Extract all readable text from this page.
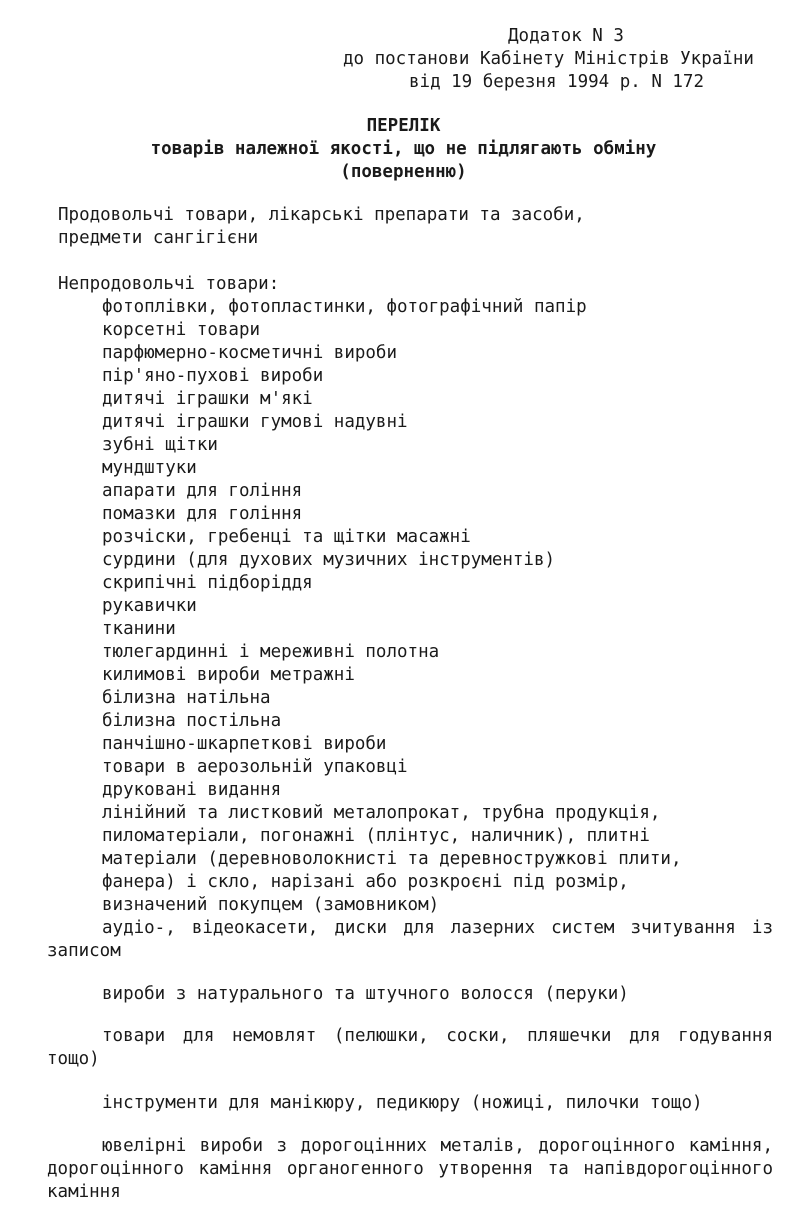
Додаток N 3
до постанови Кабінету Міністрів України
від 19 березня 1994 р. N 172
ПЕРЕЛІК
товарів належної якості, що не підлягають обміну
(поверненню)
Продовольчі товари, лікарські препарати та засоби,
предмети сангігієни
Непродовольчі товари:
фотоплівки, фотопластинки, фотографічний папір
корсетні товари
парфюмерно-косметичні вироби
пір'яно-пухові вироби
дитячі іграшки м'які
дитячі іграшки гумові надувні
зубні щітки
мундштуки
апарати для гоління
помазки для гоління
розчіски, гребенці та щітки масажні
сурдини (для духових музичних інструментів)
скрипічні підборіддя
рукавички
тканини
тюлегардинні і мереживні полотна
килимові вироби метражні
білизна натільна
білизна постільна
панчішно-шкарпеткові вироби
товари в аерозольній упаковці
друковані видання
лінійний та листковий металопрокат, трубна продукція,
пиломатеріали, погонажні (плінтус, наличник), плитні
матеріали (деревноволокнисті та деревностружкові плити,
фанера) і скло, нарізані або розкроєні під розмір,
визначений покупцем (замовником)
аудіо-, відеокасети, диски для лазерних систем зчитування із записом
вироби з натурального та штучного волосся (перуки)
товари для немовлят (пелюшки, соски, пляшечки для годування тощо)
інструменти для манікюру, педикюру (ножиці, пилочки тощо)
ювелірні вироби з дорогоцінних металів, дорогоцінного каміння, дорогоцінного каміння органогенного утворення та напівдорогоцінного каміння
